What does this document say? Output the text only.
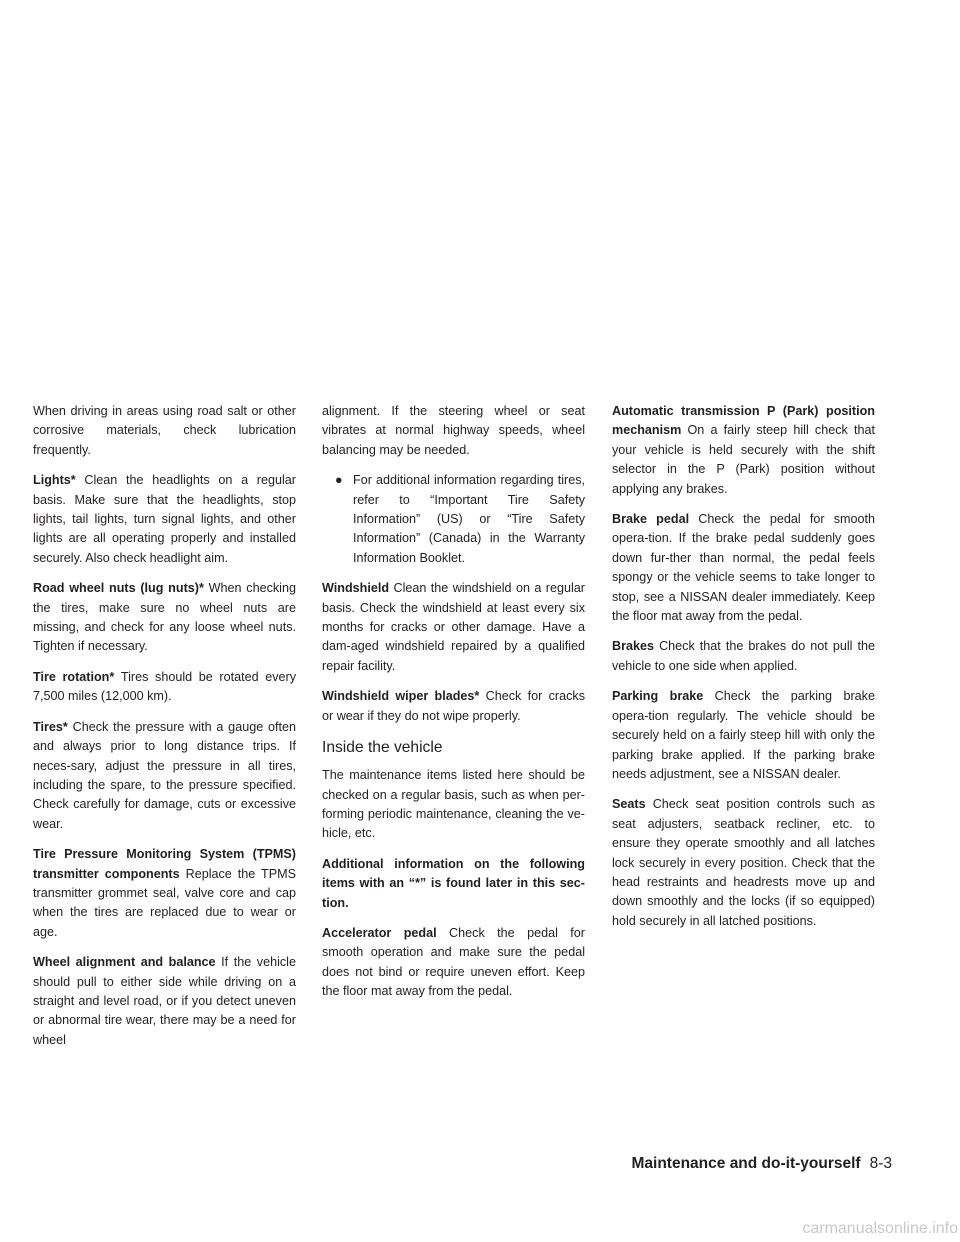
When driving in areas using road salt or other corrosive materials, check lubrication frequently.

Lights* Clean the headlights on a regular basis. Make sure that the headlights, stop lights, tail lights, turn signal lights, and other lights are all operating properly and installed securely. Also check headlight aim.

Road wheel nuts (lug nuts)* When checking the tires, make sure no wheel nuts are missing, and check for any loose wheel nuts. Tighten if necessary.

Tire rotation* Tires should be rotated every 7,500 miles (12,000 km).

Tires* Check the pressure with a gauge often and always prior to long distance trips. If neces-sary, adjust the pressure in all tires, including the spare, to the pressure specified. Check carefully for damage, cuts or excessive wear.

Tire Pressure Monitoring System (TPMS) transmitter components Replace the TPMS transmitter grommet seal, valve core and cap when the tires are replaced due to wear or age.

Wheel alignment and balance If the vehicle should pull to either side while driving on a straight and level road, or if you detect uneven or abnormal tire wear, there may be a need for wheel

alignment. If the steering wheel or seat vibrates at normal highway speeds, wheel balancing may be needed.

● For additional information regarding tires, refer to “Important Tire Safety Information” (US) or “Tire Safety Information” (Canada) in the Warranty Information Booklet.

Windshield Clean the windshield on a regular basis. Check the windshield at least every six months for cracks or other damage. Have a dam-aged windshield repaired by a qualified repair facility.

Windshield wiper blades* Check for cracks or wear if they do not wipe properly.

Inside the vehicle

The maintenance items listed here should be checked on a regular basis, such as when per-forming periodic maintenance, cleaning the ve-hicle, etc.

Additional information on the following items with an “*” is found later in this sec-tion.

Accelerator pedal Check the pedal for smooth operation and make sure the pedal does not bind or require uneven effort. Keep the floor mat away from the pedal.

Automatic transmission P (Park) position mechanism On a fairly steep hill check that your vehicle is held securely with the shift selector in the P (Park) position without applying any brakes.

Brake pedal Check the pedal for smooth opera-tion. If the brake pedal suddenly goes down fur-ther than normal, the pedal feels spongy or the vehicle seems to take longer to stop, see a NISSAN dealer immediately. Keep the floor mat away from the pedal.

Brakes Check that the brakes do not pull the vehicle to one side when applied.

Parking brake Check the parking brake opera-tion regularly. The vehicle should be securely held on a fairly steep hill with only the parking brake applied. If the parking brake needs adjustment, see a NISSAN dealer.

Seats Check seat position controls such as seat adjusters, seatback recliner, etc. to ensure they operate smoothly and all latches lock securely in every position. Check that the head restraints and headrests move up and down smoothly and the locks (if so equipped) hold securely in all latched positions.

Maintenance and do-it-yourself 8-3
carmanualsonline.info
